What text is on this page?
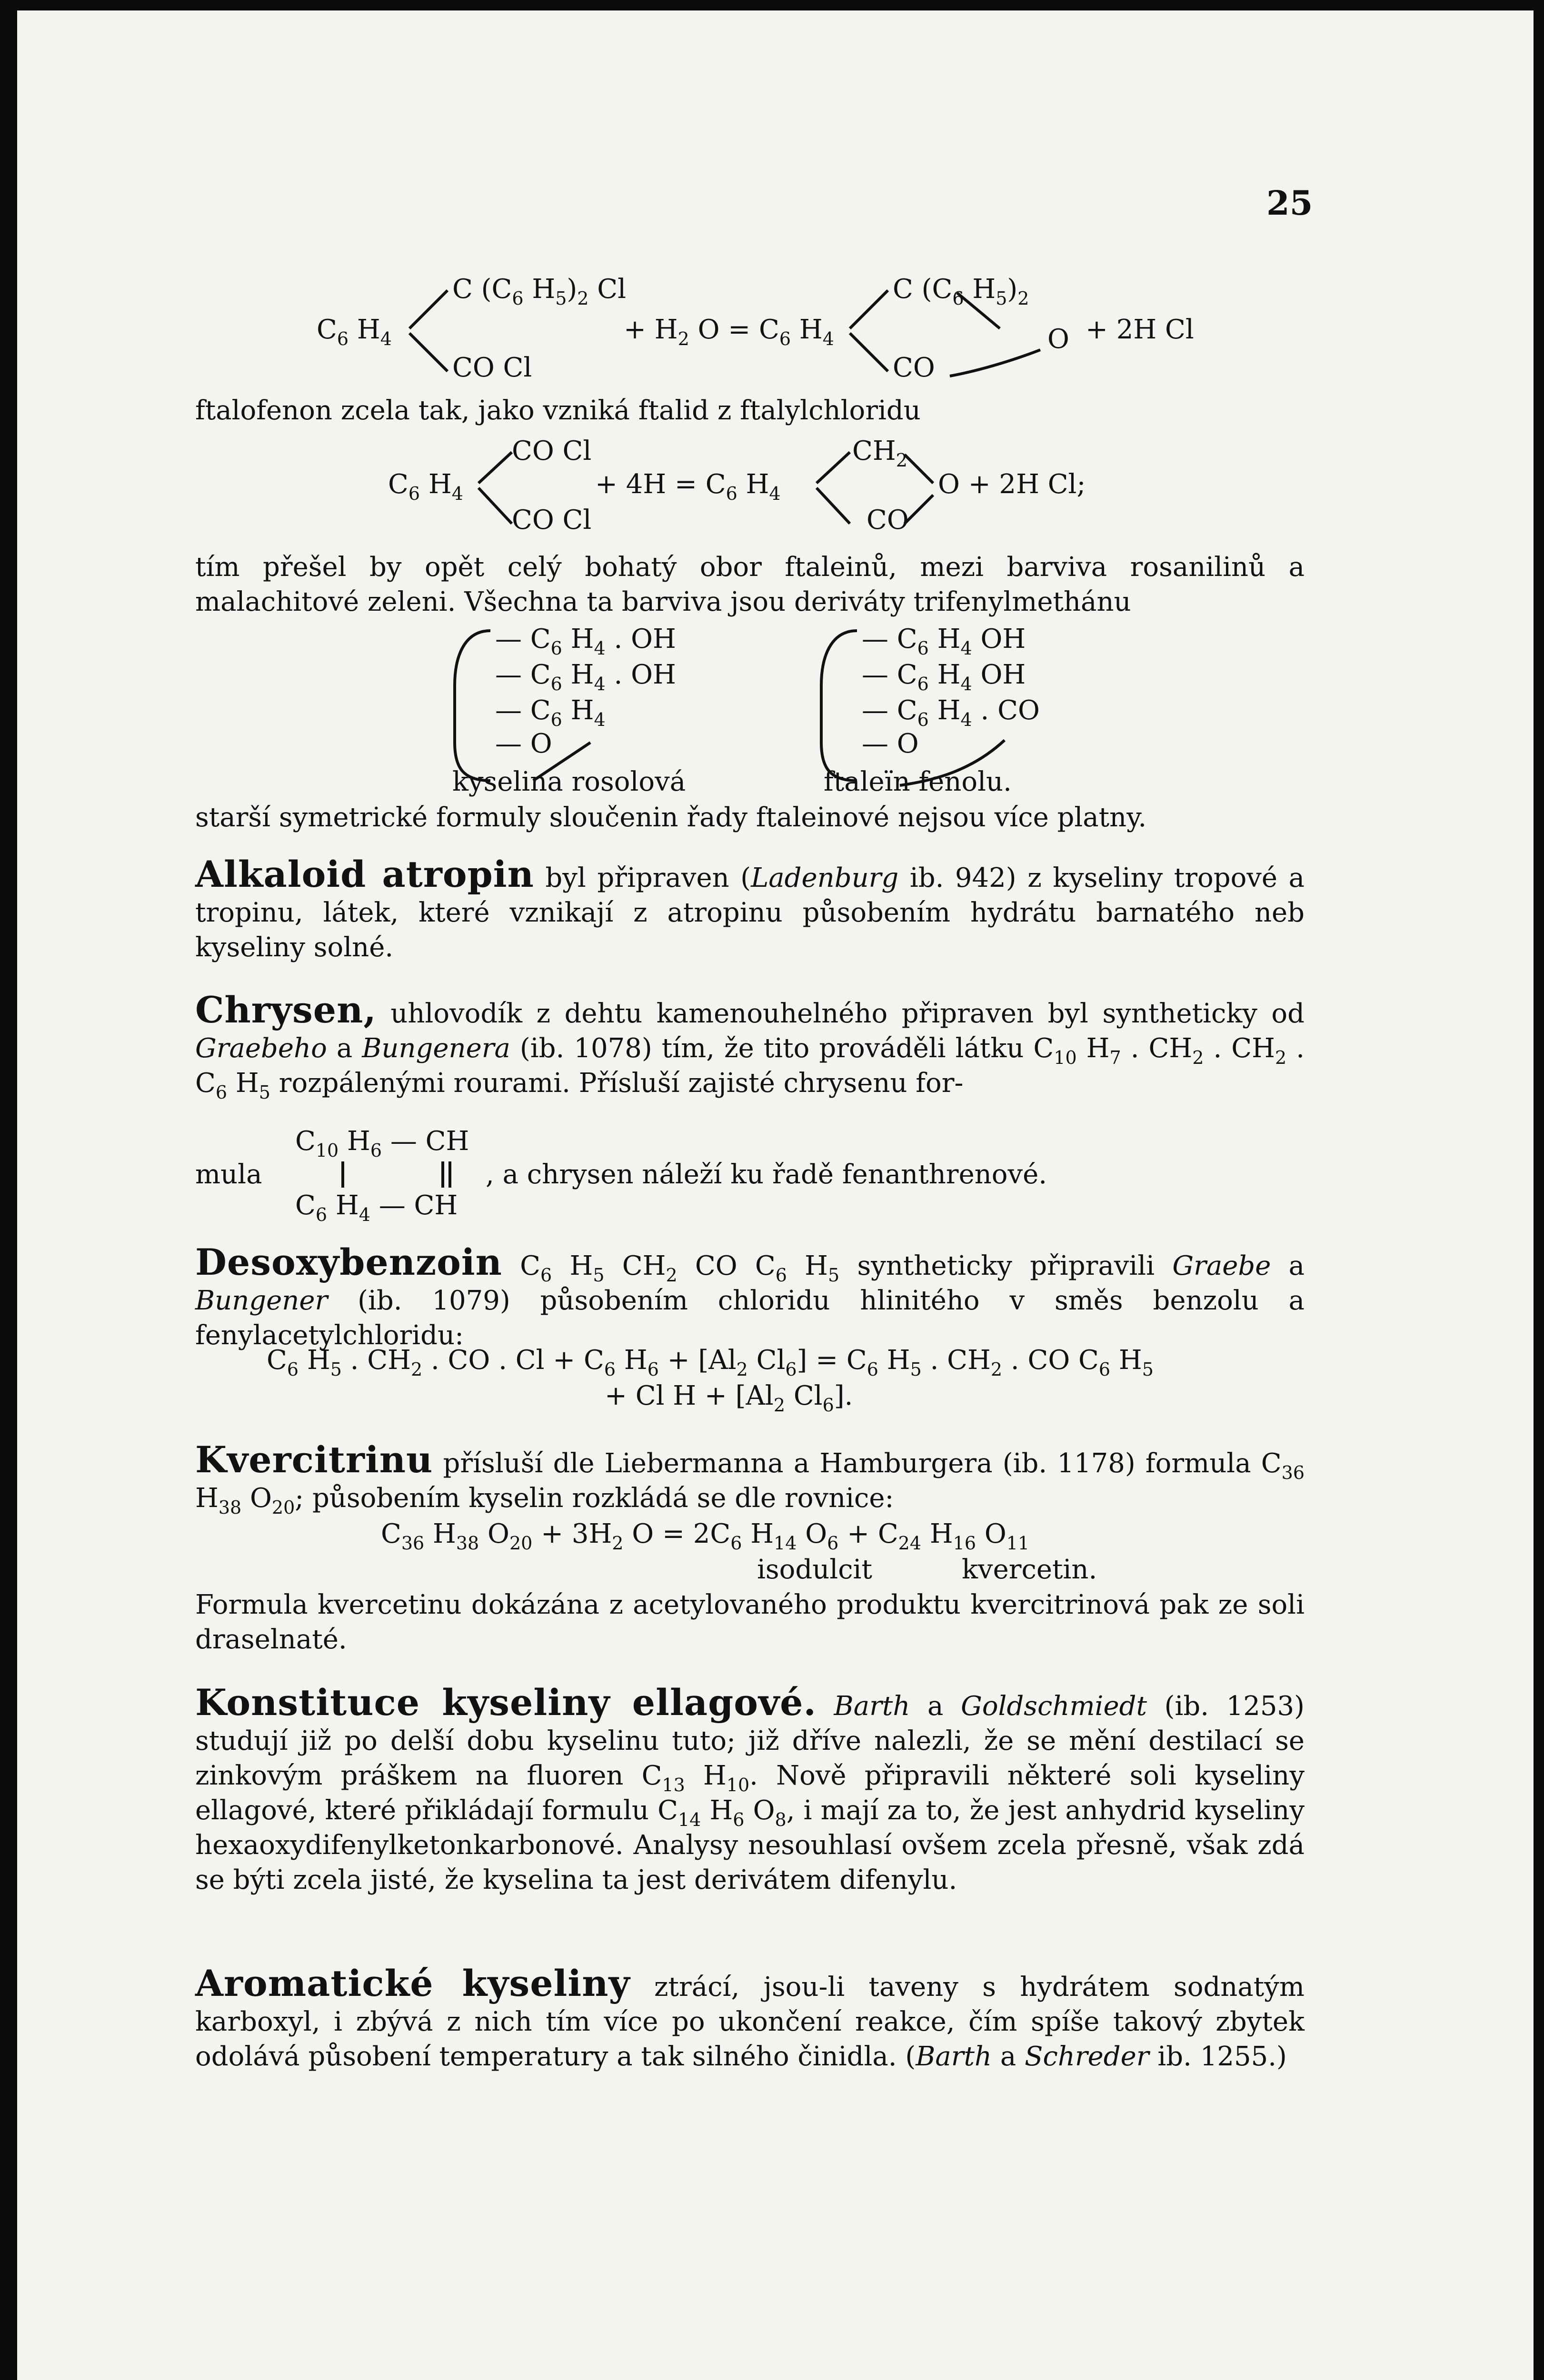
25
C ($C_6$ $H_5)_2$ Cl
$C_6$ $H_4$
CO Cl
+ $H_2$ $O = C_6$ $H_4$
C ($C_6$ $H_5)_2$
O
CO
+ 2H Cl
ftalofenon zcela tak, jako vzniká ftalid z ftalylchloridu
CO Cl
$C_6$ $H_4$
CO Cl
+ $4H = C_6$ $H_4$
$CH_2$
CO
O + 2H Cl;
tím přešel by opět celý bohatý obor ftaleinů, mezi barviva rosanilinů a malachitové zeleni. Všechna ta barviva jsou deriváty trifenylmethánu
— $C_6$ $H_4$ . OH
— $C_6$ $H_4$ . OH
— $C_6$ $H_4$
— O
kyselina rosolová
— $C_6$ $H_4$ OH
— $C_6$ $H_4$ OH
— $C_6$ $H_4$ . CO
— O
ftaleïn fenolu.
starší symetrické formuly sloučenin řady ftaleinové nejsou více platny.
Alkaloid atropin byl připraven (Ladenburg ib. 942) z kyseliny tropové a tropinu, látek, které vznikají z atropinu působením hydrátu barnatého neb kyseliny solné.
Chrysen, uhlovodík z dehtu kamenouhelného připraven byl syntheticky od Graebeho a Bungenera (ib. 1078) tím, že tito prováděli látku $C_{10}$ $H_7$ . $CH_2$ . $CH_2$ . $C_6$ $H_5$ rozpálenými rourami. Přísluší zajisté chrysenu for-
$C_{10}$ $H_6$ — CH
mula	, a chrysen náleží ku řadě fenanthrenové.
$C_6$ $H_4$ — CH
Desoxybenzoin $C_6$ $H_5$ $CH_2$ CO $C_6$ $H_5$ syntheticky připravili Graebe a Bungener (ib. 1079) působením chloridu hlinitého v směs benzolu a fenylacetylchloridu:
$C_6$ $H_5$ . $CH_2$ . CO . $Cl + C_6$ $H_6 + [Al_2$ $Cl_6] = C_6$ $H_5$ . $CH_2$ . CO $C_6$ $H_5$
+ Cl $H + [Al_2$ $Cl_6$].
Kvercitrinu přísluší dle Liebermanna a Hamburgera (ib. 1178) formula $C_{36}$ $H_{38}$ $O_{20}$; působením kyselin rozkládá se dle rovnice:
$C_{36}$ $H_{38}$ $O_{20} + 3H_2$ $O = 2C_6$ $H_{14}$ $O_6 + C_{24}$ $H_{16}$ $O_{11}$
isodulcit	kvercetin.
Formula kvercetinu dokázána z acetylovaného produktu kvercitrinová pak ze soli draselnaté.
Konstituce kyseliny ellagové. Barth a Goldschmiedt (ib. 1253) studují již po delší dobu kyselinu tuto; již dříve nalezli, že se mění destilací se zinkovým práškem na fluoren $C_{13}$ $H_{10}$. Nově připravili některé soli kyseliny ellagové, které přikládají formulu $C_{14}$ $H_6$ $O_8$, i mají za to, že jest anhydrid kyseliny hexaoxydifenylketonkarbonové. Analysy nesouhlasí ovšem zcela přesně, však zdá se býti zcela jisté, že kyselina ta jest derivátem difenylu.
Aromatické kyseliny ztrácí, jsou-li taveny s hydrátem sodnatým karboxyl, i zbývá z nich tím více po ukončení reakce, čím spíše takový zbytek odolává působení temperatury a tak silného činidla. (Barth a Schreder ib. 1255.)
